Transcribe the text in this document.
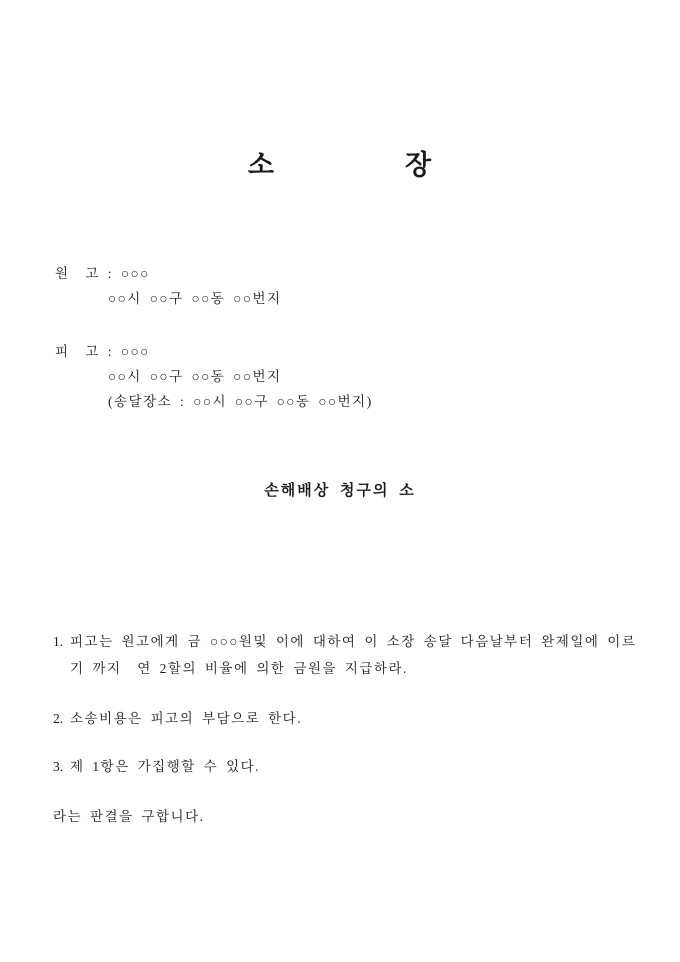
소	장
원  고 : ○○○
○○시 ○○구 ○○동 ○○번지
피  고 : ○○○
○○시 ○○구 ○○동 ○○번지
(송달장소 : ○○시 ○○구 ○○동 ○○번지)
손해배상 청구의 소
1. 피고는 원고에게 금 ○○○원및 이에 대하여 이 소장 송달 다음날부터 완제일에 이르
기 까지  연 2할의 비율에 의한 금원을 지급하라.
2. 소송비용은 피고의 부담으로 한다.
3. 제 1항은 가집행할 수 있다.
라는 판결을 구합니다.
